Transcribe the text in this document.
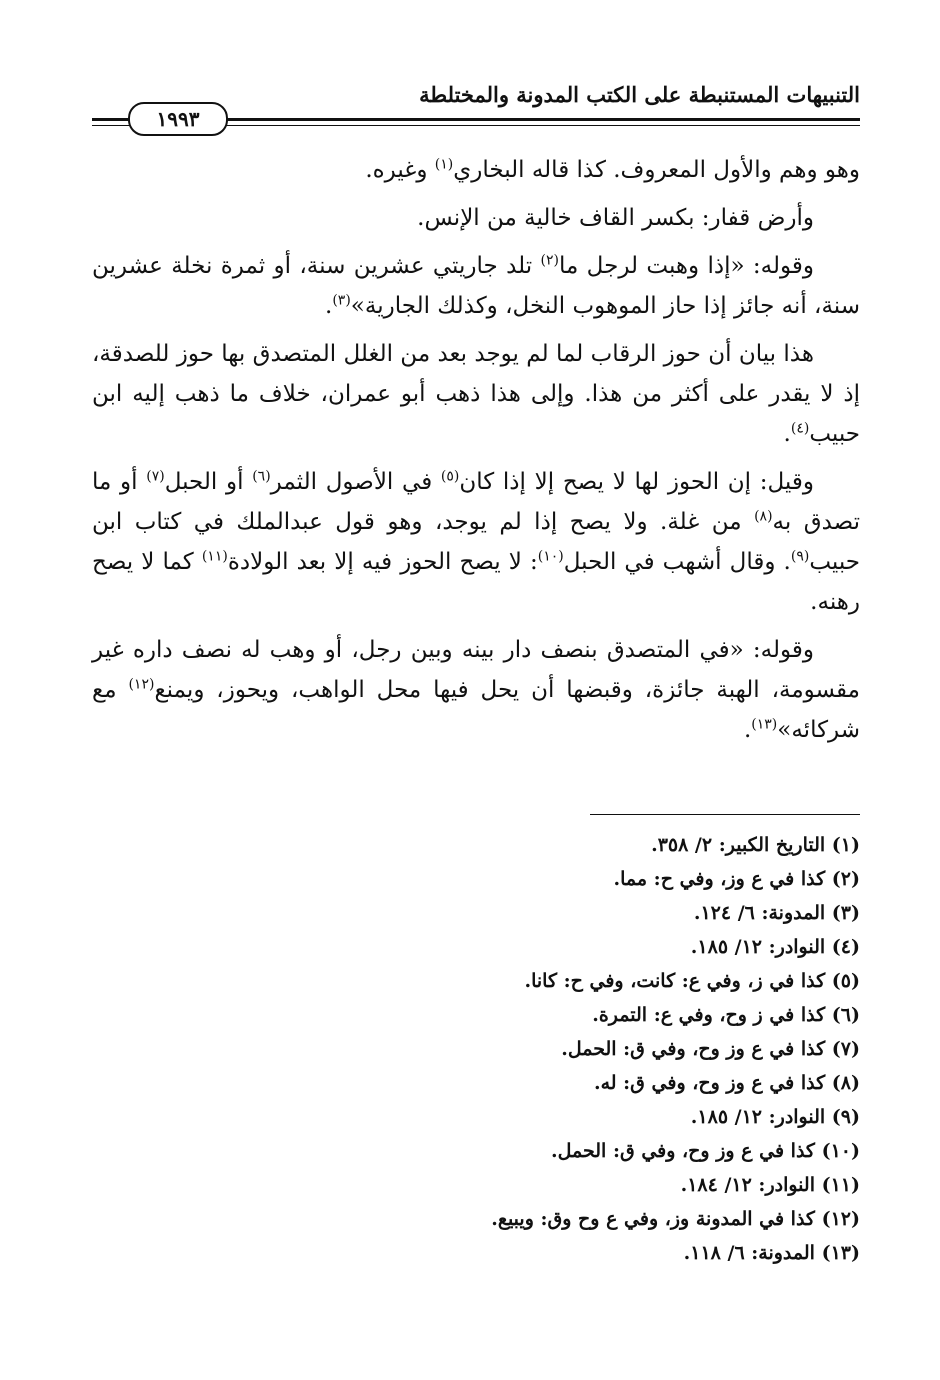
التنبيهات المستنبطة على الكتب المدونة والمختلطة
١٩٩٣

وهو وهم والأول المعروف. كذا قاله البخاري$^{(١)}$ وغيره.

وأرض قفار: بكسر القاف خالية من الإنس.

وقوله: «إذا وهبت لرجل ما$^{(٢)}$ تلد جاريتي عشرين سنة، أو ثمرة نخلة عشرين سنة، أنه جائز إذا حاز الموهوب النخل، وكذلك الجارية»$^{(٣)}$.

هذا بيان أن حوز الرقاب لما لم يوجد بعد من الغلل المتصدق بها حوز للصدقة، إذ لا يقدر على أكثر من هذا. وإلى هذا ذهب أبو عمران، خلاف ما ذهب إليه ابن حبيب$^{(٤)}$.

وقيل: إن الحوز لها لا يصح إلا إذا كان$^{(٥)}$ في الأصول الثمر$^{(٦)}$ أو الحبل$^{(٧)}$ أو ما تصدق به$^{(٨)}$ من غلة. ولا يصح إذا لم يوجد، وهو قول عبدالملك في كتاب ابن حبيب$^{(٩)}$. وقال أشهب في الحبل$^{(١٠)}$: لا يصح الحوز فيه إلا بعد الولادة$^{(١١)}$ كما لا يصح رهنه.

وقوله: «في المتصدق بنصف دار بينه وبين رجل، أو وهب له نصف داره غير مقسومة، الهبة جائزة، وقبضها أن يحل فيها محل الواهب، ويحوز، ويمنع$^{(١٢)}$ مع شركائه»$^{(١٣)}$.

(١) التاريخ الكبير: ٢/ ٣٥٨.
(٢) كذا في ع وز، وفي ح: مما.
(٣) المدونة: ٦/ ١٢٤.
(٤) النوادر: ١٢/ ١٨٥.
(٥) كذا في ز، وفي ع: كانت، وفي ح: كانا.
(٦) كذا في ز وح، وفي ع: التمرة.
(٧) كذا في ع وز وح، وفي ق: الحمل.
(٨) كذا في ع وز وح، وفي ق: له.
(٩) النوادر: ١٢/ ١٨٥.
(١٠) كذا في ع وز وح، وفي ق: الحمل.
(١١) النوادر: ١٢/ ١٨٤.
(١٢) كذا في المدونة وز، وفي ع وح وق: ويبيع.
(١٣) المدونة: ٦/ ١١٨.
